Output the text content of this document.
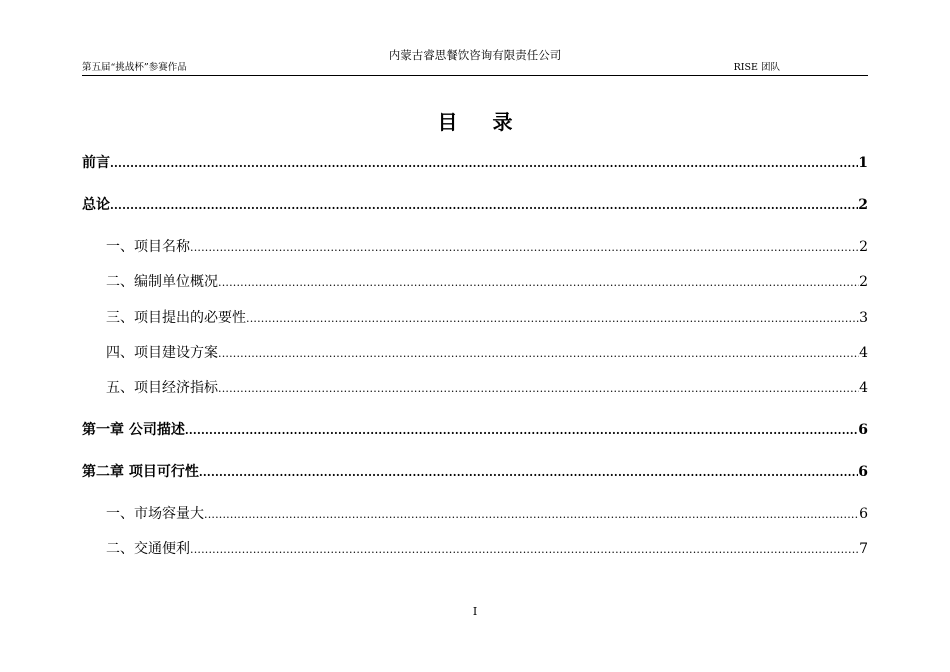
内蒙古睿思餐饮咨询有限责任公司
第五届“挑战杯”参赛作品	RISE 团队
目 录
前言 .....	1
总论 .....	2
一、项目名称 .....	2
二、编制单位概况 .....	2
三、项目提出的必要性 .....	3
四、项目建设方案 .....	4
五、项目经济指标 .....	4
第一章 公司描述 .....	6
第二章 项目可行性 .....	6
一、市场容量大 .....	6
二、交通便利 .....	7
I
